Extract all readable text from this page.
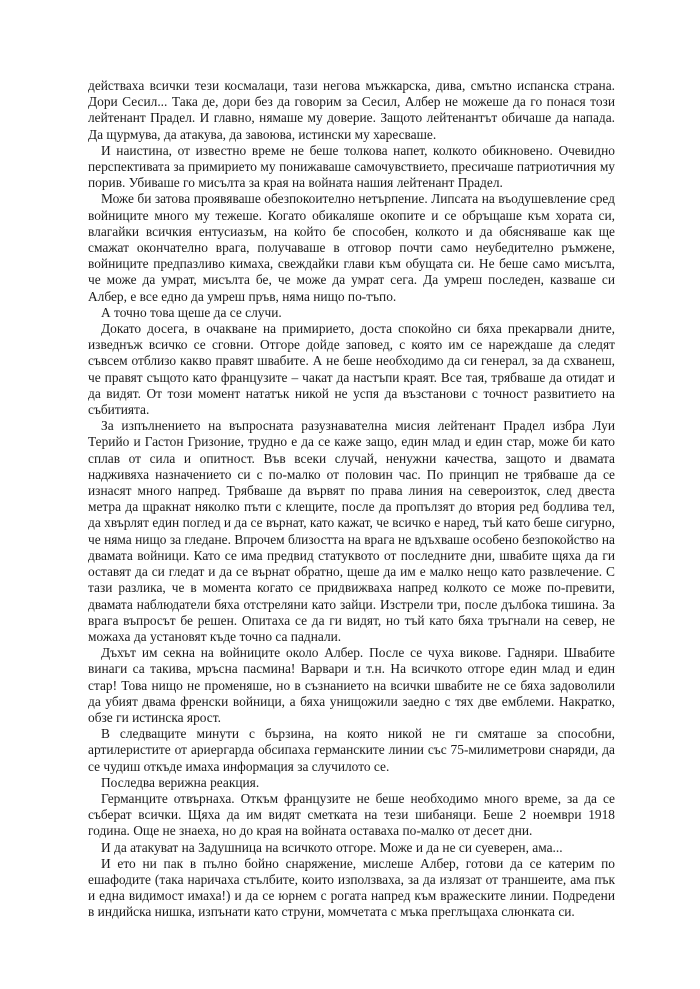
действаха всички тези космалаци, тази негова мъжкарска, дива, смътно испанска страна. Дори Сесил... Така де, дори без да говорим за Сесил, Албер не можеше да го понася този лейтенант Прадел. И главно, нямаше му доверие. Защото лейтенантът обичаше да напада. Да щурмува, да атакува, да завоюва, истински му харесваше.

И наистина, от известно време не беше толкова напет, колкото обикновено. Очевидно перспективата за примирието му понижаваше самочувствието, пресичаше патриотичния му порив. Убиваше го мисълта за края на войната нашия лейтенант Прадел.

Може би затова проявяваше обезпокоително нетърпение. Липсата на въодушевление сред войниците много му тежеше. Когато обикаляше окопите и се обръщаше към хората си, влагайки всичкия ентусиазъм, на който бе способен, колкото и да обясняваше как ще смажат окончателно врага, получаваше в отговор почти само неубедително ръмжене, войниците предпазливо кимаха, свеждайки глави към обущата си. Не беше само мисълта, че може да умрат, мисълта бе, че може да умрат сега. Да умреш последен, казваше си Албер, е все едно да умреш пръв, няма нищо по-тъпо.

А точно това щеше да се случи.

Докато досега, в очакване на примирието, доста спокойно си бяха прекарвали дните, изведнъж всичко се сговни. Отгоре дойде заповед, с която им се нареждаше да следят съвсем отблизо какво правят швабите. А не беше необходимо да си генерал, за да схванеш, че правят същото като французите – чакат да настъпи краят. Все тая, трябваше да отидат и да видят. От този момент нататък никой не успя да възстанови с точност развитието на събитията.

За изпълнението на въпросната разузнавателна мисия лейтенант Прадел избра Луи Терийо и Гастон Гризоние, трудно е да се каже защо, един млад и един стар, може би като сплав от сила и опитност. Във всеки случай, ненужни качества, защото и двамата надживяха назначението си с по-малко от половин час. По принцип не трябваше да се изнасят много напред. Трябваше да вървят по права линия на североизток, след двеста метра да щракнат няколко пъти с клещите, после да пропълзят до втория ред бодлива тел, да хвърлят един поглед и да се върнат, като кажат, че всичко е наред, тъй като беше сигурно, че няма нищо за гледане. Впрочем близостта на врага не вдъхваше особено безпокойство на двамата войници. Като се има предвид статуквото от последните дни, швабите щяха да ги оставят да си гледат и да се върнат обратно, щеше да им е малко нещо като развлечение. С тази разлика, че в момента когато се придвижваха напред колкото се може по-превити, двамата наблюдатели бяха отстреляни като зайци. Изстрели три, после дълбока тишина. За врага въпросът бе решен. Опитаха се да ги видят, но тъй като бяха тръгнали на север, не можаха да установят къде точно са паднали.

Дъхът им секна на войниците около Албер. После се чуха викове. Гадняри. Швабите винаги са такива, мръсна пасмина! Варвари и т.н. На всичкото отгоре един млад и един стар! Това нищо не променяше, но в съзнанието на всички швабите не се бяха задоволили да убият двама френски войници, а бяха унищожили заедно с тях две емблеми. Накратко, обзе ги истинска ярост.

В следващите минути с бързина, на която никой не ги смяташе за способни, артилеристите от ариергарда обсипаха германските линии със 75-милиметрови снаряди, да се чудиш откъде имаха информация за случилото се.

Последва верижна реакция.

Германците отвърнаха. Откъм французите не беше необходимо много време, за да се съберат всички. Щяха да им видят сметката на тези шибаняци. Беше 2 ноември 1918 година. Още не знаеха, но до края на войната оставаха по-малко от десет дни.

И да атакуват на Задушница на всичкото отгоре. Може и да не си суеверен, ама...

И ето ни пак в пълно бойно снаряжение, мислеше Албер, готови да се катерим по ешафодите (така наричаха стълбите, които използваха, за да излязат от траншеите, ама пък и една видимост имаха!) и да се юрнем с рогата напред към вражеските линии. Подредени в индийска нишка, изпънати като струни, момчетата с мъка преглъщаха слюнката си.
